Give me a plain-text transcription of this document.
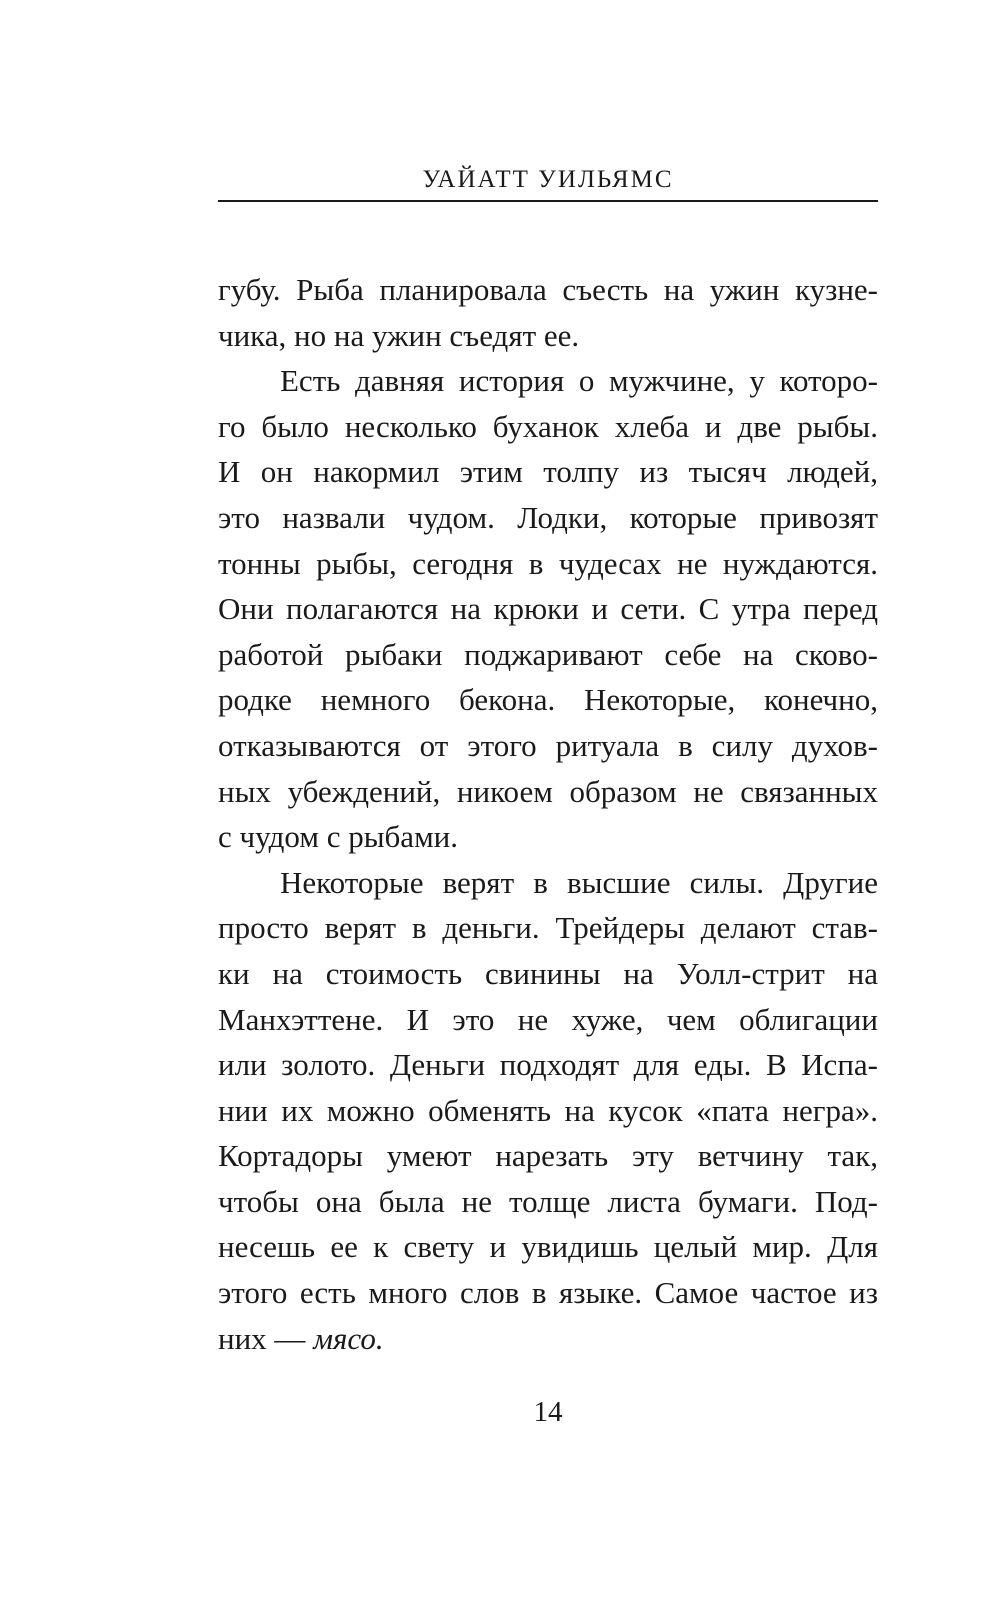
УАЙАТТ УИЛЬЯМС
губу. Рыба планировала съесть на ужин кузне-
чика, но на ужин съедят ее.
Есть давняя история о мужчине, у которо-
го было несколько буханок хлеба и две рыбы.
И он накормил этим толпу из тысяч людей,
это назвали чудом. Лодки, которые привозят
тонны рыбы, сегодня в чудесах не нуждаются.
Они полагаются на крюки и сети. С утра перед
работой рыбаки поджаривают себе на сково-
родке немного бекона. Некоторые, конечно,
отказываются от этого ритуала в силу духов-
ных убеждений, никоем образом не связанных
с чудом с рыбами.
Некоторые верят в высшие силы. Другие
просто верят в деньги. Трейдеры делают став-
ки на стоимость свинины на Уолл-стрит на
Манхэттене. И это не хуже, чем облигации
или золото. Деньги подходят для еды. В Испа-
нии их можно обменять на кусок «пата негра».
Кортадоры умеют нарезать эту ветчину так,
чтобы она была не толще листа бумаги. Под-
несешь ее к свету и увидишь целый мир. Для
этого есть много слов в языке. Самое частое из
них — мясо.
14
